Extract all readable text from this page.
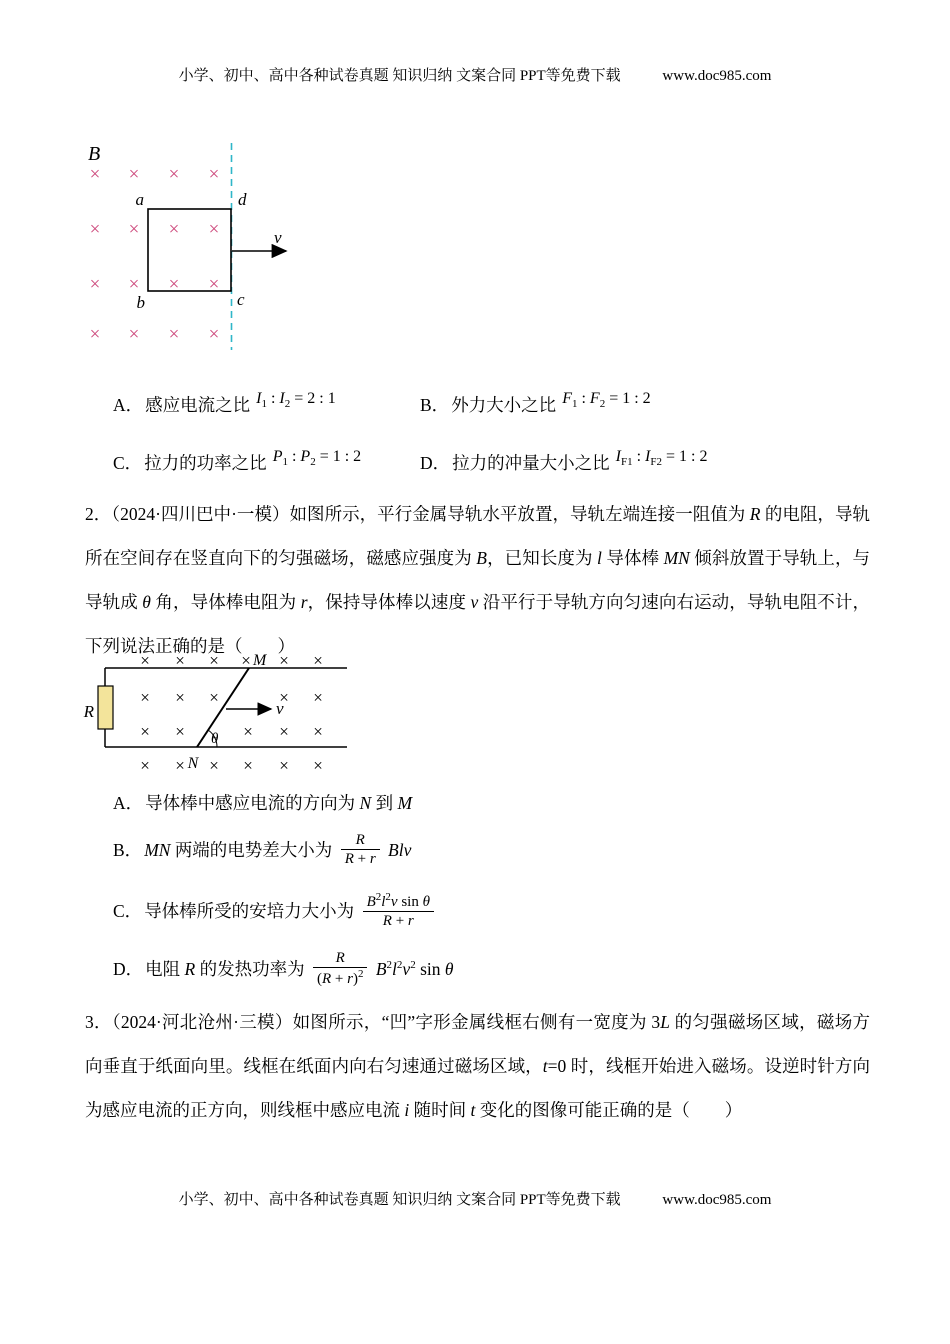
小学、初中、高中各种试卷真题 知识归纳 文案合同 PPT等免费下载	www.doc985.com
B
× × × ×
× × × ×
× × × ×
× × × ×
a	d
b	c
v
A． 感应电流之比 $I_1$ : $I_2 = 2$ : 1	B． 外力大小之比 $F_1$ : $F_2 = 1$ : 2
C． 拉力的功率之比 $P_1$ : $P_2 = 1$ : 2	D． 拉力的冲量大小之比 $I_{F1}$ : $I_{F2} = 1$ : 2
2．（2024·四川巴中·一模）如图所示，平行金属导轨水平放置，导轨左端连接一阻值为 R 的电阻，导轨所在空间存在竖直向下的匀强磁场，磁感应强度为 B，已知长度为 l 导体棒 MN 倾斜放置于导轨上，与导轨成 θ 角，导体棒电阻为 r，保持导体棒以速度 v 沿平行于导轨方向匀速向右运动，导轨电阻不计，下列说法正确的是（　　）
× × × × × ×
× × ×	× ×
× ×	× × ×
× × × × × ×
R
M
N
θ
v
A． 导体棒中感应电流的方向为 N 到 M
B． MN 两端的电势差大小为 $\frac{R}{R + r}$ Blv
C． 导体棒所受的安培力大小为 $\frac{B^2l^2v \sin \theta}{R + r}$
D． 电阻 R 的发热功率为 $\frac{R}{(R + r)^2} B^2l^2v^2$ sin θ
3．（2024·河北沧州·三模）如图所示，“凹”字形金属线框右侧有一宽度为 3L 的匀强磁场区域，磁场方向垂直于纸面向里。线框在纸面内向右匀速通过磁场区域，t=0 时，线框开始进入磁场。设逆时针方向为感应电流的正方向，则线框中感应电流 i 随时间 t 变化的图像可能正确的是（　　）
小学、初中、高中各种试卷真题 知识归纳 文案合同 PPT等免费下载	www.doc985.com
